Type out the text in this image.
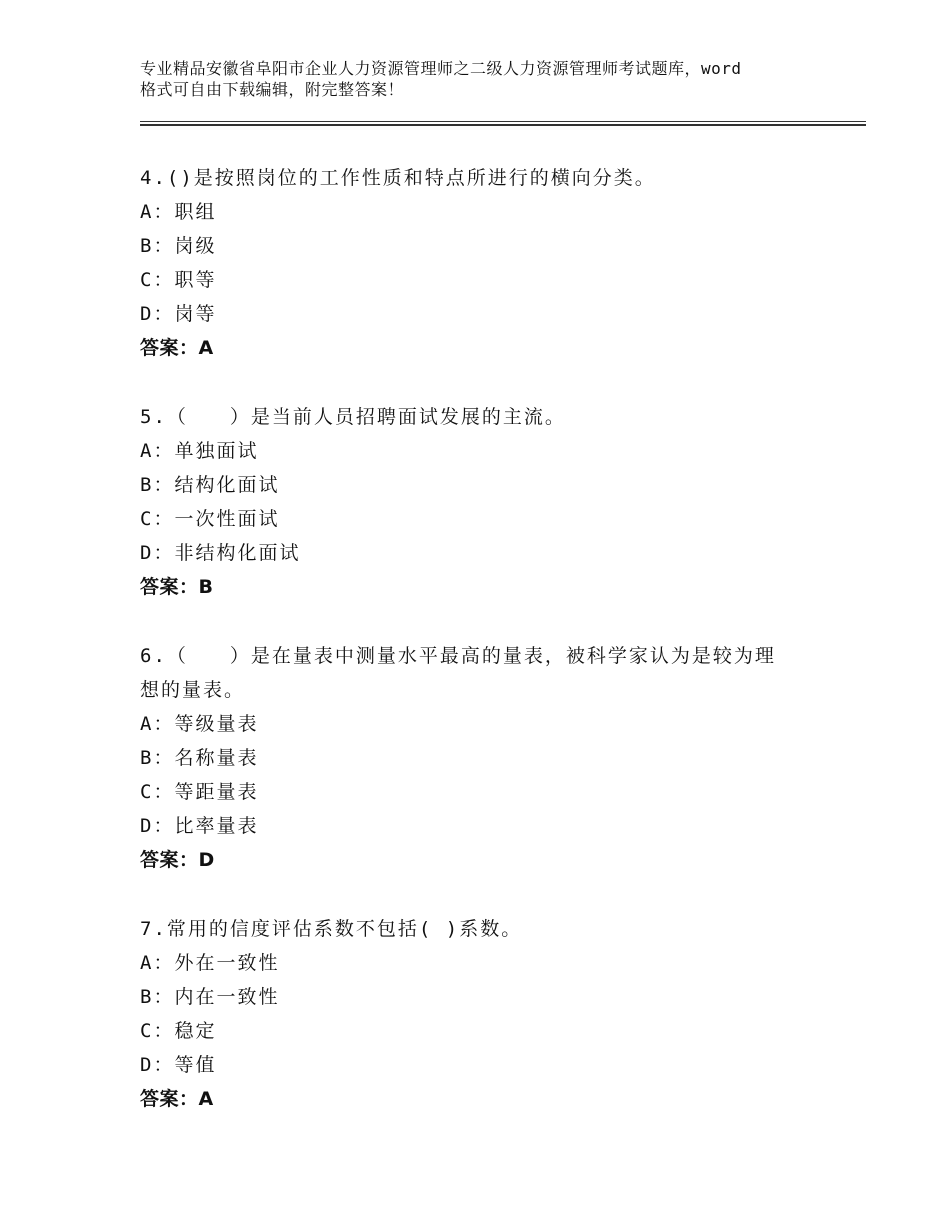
专业精品安徽省阜阳市企业人力资源管理师之二级人力资源管理师考试题库，word
格式可自由下载编辑，附完整答案！
4.()是按照岗位的工作性质和特点所进行的横向分类。
A：职组
B：岗级
C：职等
D：岗等
答案：A
5.（　　）是当前人员招聘面试发展的主流。
A：单独面试
B：结构化面试
C：一次性面试
D：非结构化面试
答案：B
6.（　　）是在量表中测量水平最高的量表，被科学家认为是较为理
想的量表。
A：等级量表
B：名称量表
C：等距量表
D：比率量表
答案：D
7.常用的信度评估系数不包括( )系数。
A：外在一致性
B：内在一致性
C：稳定
D：等值
答案：A
